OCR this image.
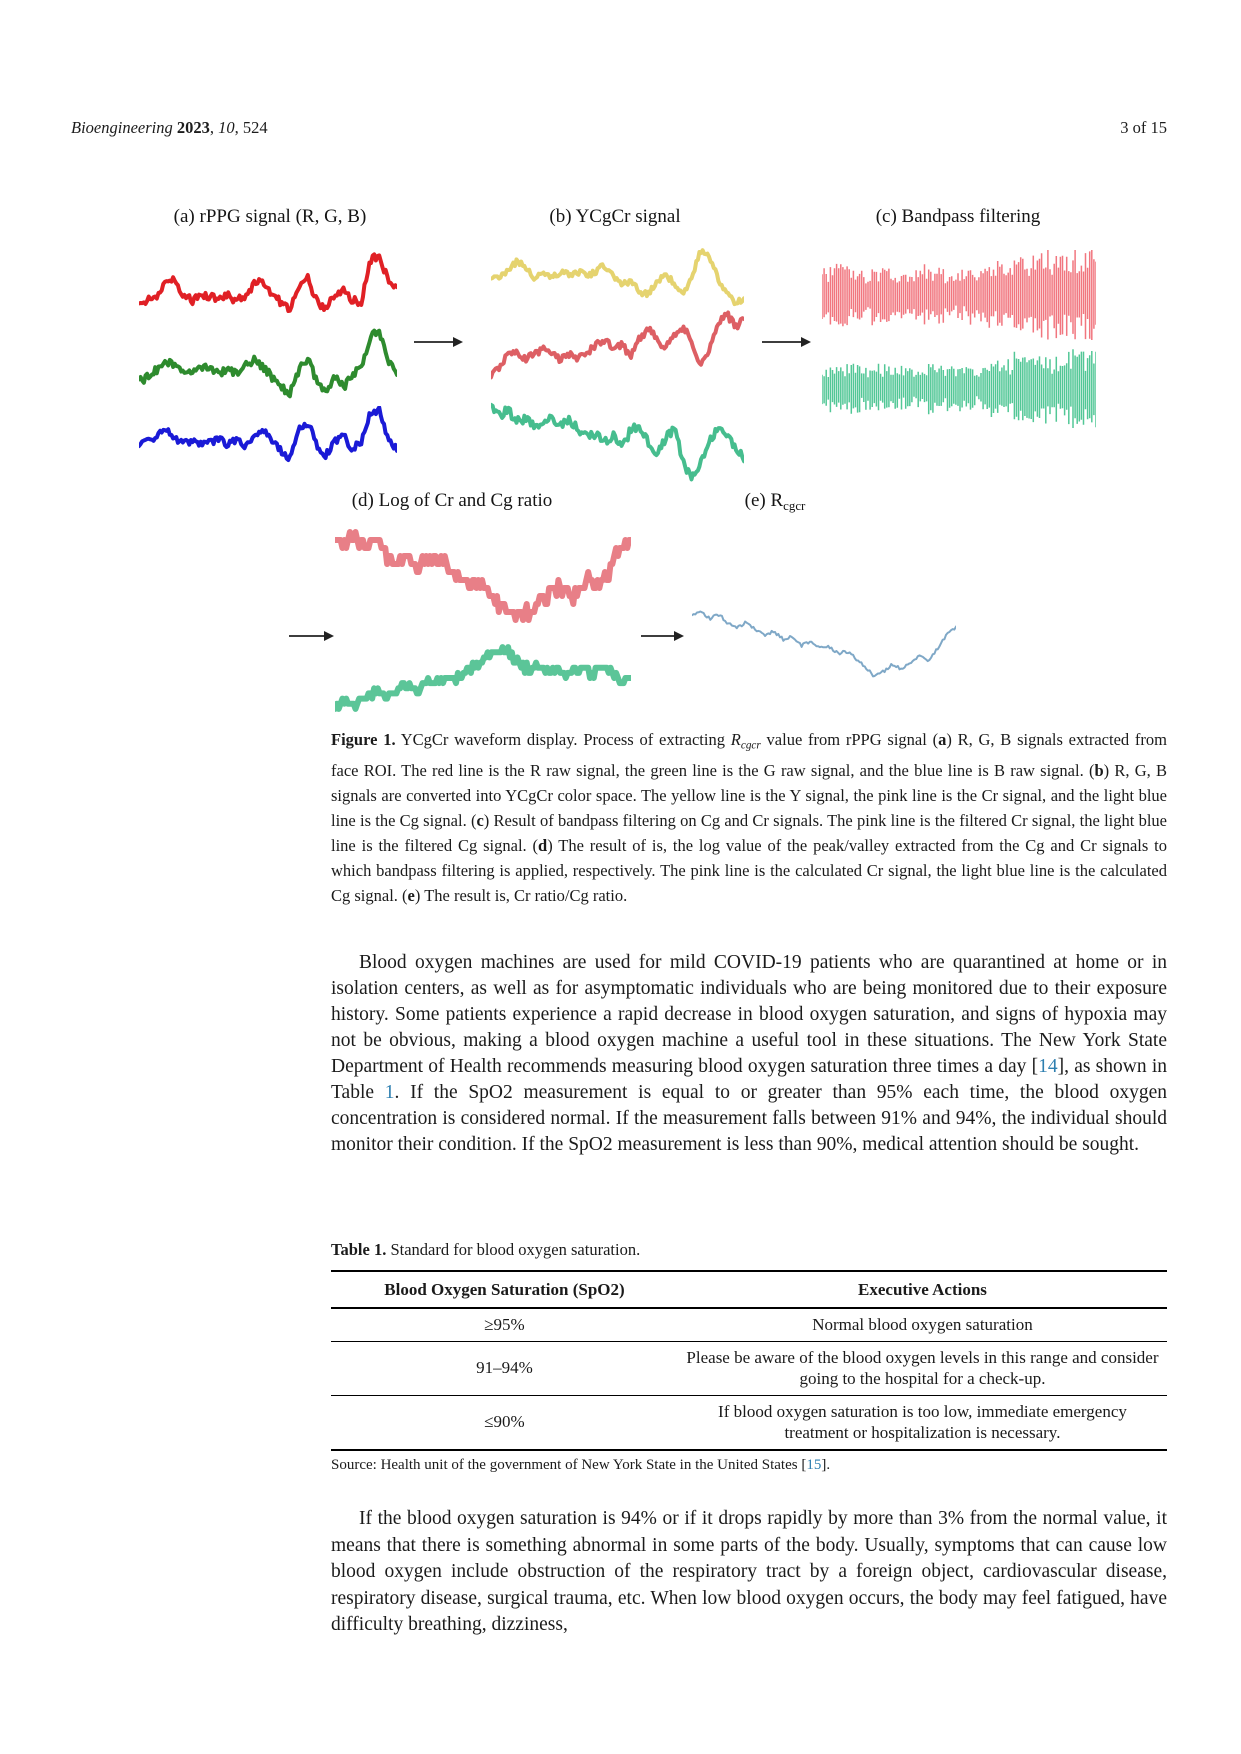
Bioengineering 2023, 10, 524	3 of 15
(a) rPPG signal (R, G, B)	(b) YCgCr signal	(c) Bandpass filtering
(d) Log of Cr and Cg ratio	(e) $R_{cgcr}$
Figure 1. YCgCr waveform display. Process of extracting $R_{cgcr}$ value from rPPG signal (a) R, G, B signals extracted from face ROI. The red line is the R raw signal, the green line is the G raw signal, and the blue line is B raw signal. (b) R, G, B signals are converted into YCgCr color space. The yellow line is the Y signal, the pink line is the Cr signal, and the light blue line is the Cg signal. (c) Result of bandpass filtering on Cg and Cr signals. The pink line is the filtered Cr signal, the light blue line is the filtered Cg signal. (d) The result of is, the log value of the peak/valley extracted from the Cg and Cr signals to which bandpass filtering is applied, respectively. The pink line is the calculated Cr signal, the light blue line is the calculated Cg signal. (e) The result is, Cr ratio/Cg ratio.
Blood oxygen machines are used for mild COVID-19 patients who are quarantined at home or in isolation centers, as well as for asymptomatic individuals who are being monitored due to their exposure history. Some patients experience a rapid decrease in blood oxygen saturation, and signs of hypoxia may not be obvious, making a blood oxygen machine a useful tool in these situations. The New York State Department of Health recommends measuring blood oxygen saturation three times a day [14], as shown in Table 1. If the SpO2 measurement is equal to or greater than 95% each time, the blood oxygen concentration is considered normal. If the measurement falls between 91% and 94%, the individual should monitor their condition. If the SpO2 measurement is less than 90%, medical attention should be sought.
Table 1. Standard for blood oxygen saturation.
Blood Oxygen Saturation (SpO2)	Executive Actions
≥95%	Normal blood oxygen saturation
91–94%	Please be aware of the blood oxygen levels in this range and consider going to the hospital for a check-up.
≤90%	If blood oxygen saturation is too low, immediate emergency treatment or hospitalization is necessary.
Source: Health unit of the government of New York State in the United States [15].
If the blood oxygen saturation is 94% or if it drops rapidly by more than 3% from the normal value, it means that there is something abnormal in some parts of the body. Usually, symptoms that can cause low blood oxygen include obstruction of the respiratory tract by a foreign object, cardiovascular disease, respiratory disease, surgical trauma, etc. When low blood oxygen occurs, the body may feel fatigued, have difficulty breathing, dizziness,
